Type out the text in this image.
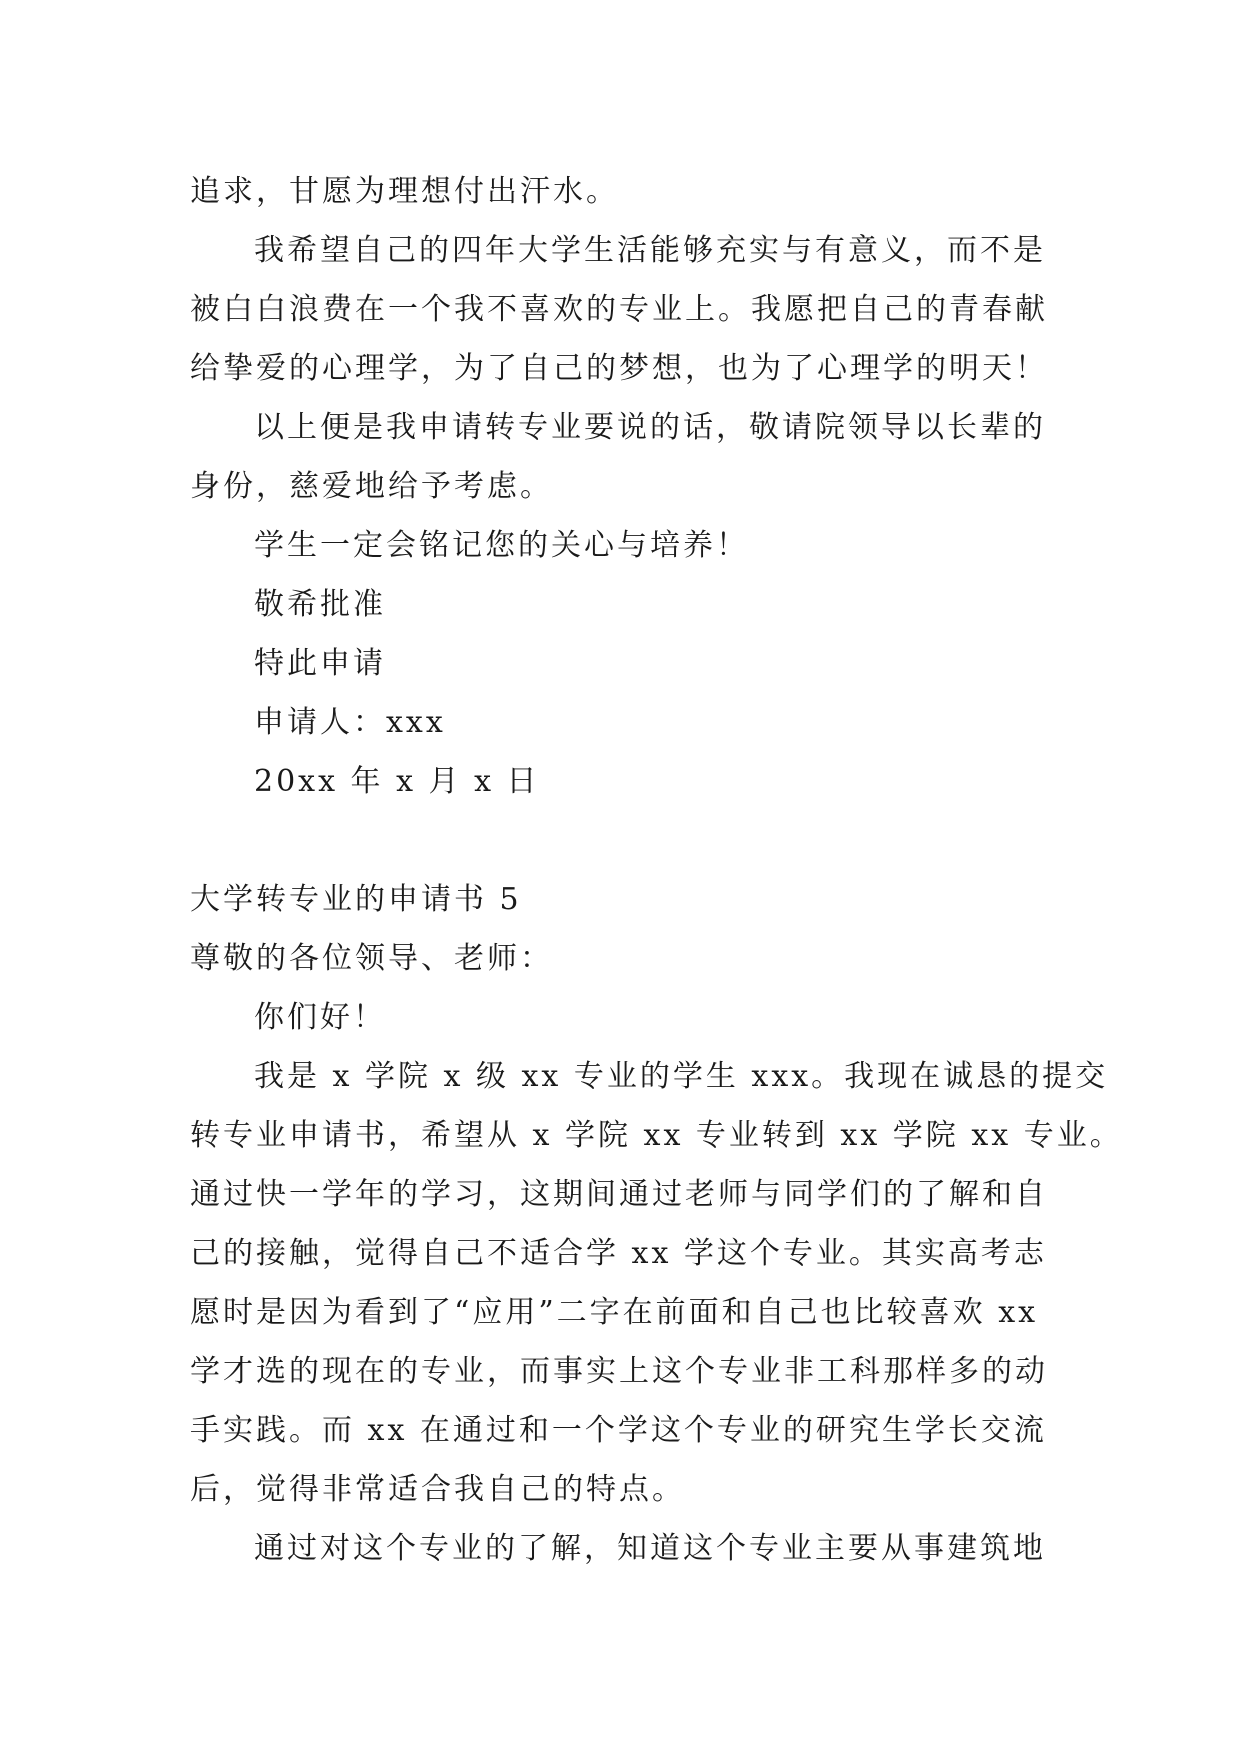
追求，甘愿为理想付出汗水。
我希望自己的四年大学生活能够充实与有意义，而不是
被白白浪费在一个我不喜欢的专业上。我愿把自己的青春献
给挚爱的心理学，为了自己的梦想，也为了心理学的明天！
以上便是我申请转专业要说的话，敬请院领导以长辈的
身份，慈爱地给予考虑。
学生一定会铭记您的关心与培养！
敬希批准
特此申请
申请人：xxx
20xx 年 x 月 x 日
大学转专业的申请书 5
尊敬的各位领导、老师：
你们好！
我是 x 学院 x 级 xx 专业的学生 xxx。我现在诚恳的提交
转专业申请书，希望从 x 学院 xx 专业转到 xx 学院 xx 专业。
通过快一学年的学习，这期间通过老师与同学们的了解和自
己的接触，觉得自己不适合学 xx 学这个专业。其实高考志
愿时是因为看到了“应用”二字在前面和自己也比较喜欢 xx
学才选的现在的专业，而事实上这个专业非工科那样多的动
手实践。而 xx 在通过和一个学这个专业的研究生学长交流
后，觉得非常适合我自己的特点。
通过对这个专业的了解，知道这个专业主要从事建筑地
